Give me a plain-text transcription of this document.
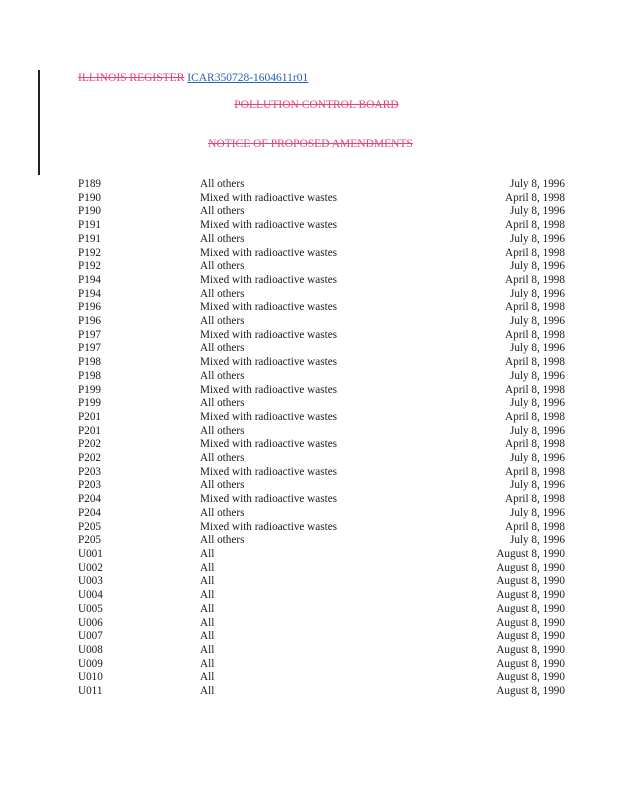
ILLINOIS REGISTER ICAR350728-1604611r01
POLLUTION CONTROL BOARD
NOTICE OF PROPOSED AMENDMENTS
P189	All others	July 8, 1996
P190	Mixed with radioactive wastes	April 8, 1998
P190	All others	July 8, 1996
P191	Mixed with radioactive wastes	April 8, 1998
P191	All others	July 8, 1996
P192	Mixed with radioactive wastes	April 8, 1998
P192	All others	July 8, 1996
P194	Mixed with radioactive wastes	April 8, 1998
P194	All others	July 8, 1996
P196	Mixed with radioactive wastes	April 8, 1998
P196	All others	July 8, 1996
P197	Mixed with radioactive wastes	April 8, 1998
P197	All others	July 8, 1996
P198	Mixed with radioactive wastes	April 8, 1998
P198	All others	July 8, 1996
P199	Mixed with radioactive wastes	April 8, 1998
P199	All others	July 8, 1996
P201	Mixed with radioactive wastes	April 8, 1998
P201	All others	July 8, 1996
P202	Mixed with radioactive wastes	April 8, 1998
P202	All others	July 8, 1996
P203	Mixed with radioactive wastes	April 8, 1998
P203	All others	July 8, 1996
P204	Mixed with radioactive wastes	April 8, 1998
P204	All others	July 8, 1996
P205	Mixed with radioactive wastes	April 8, 1998
P205	All others	July 8, 1996
U001	All	August 8, 1990
U002	All	August 8, 1990
U003	All	August 8, 1990
U004	All	August 8, 1990
U005	All	August 8, 1990
U006	All	August 8, 1990
U007	All	August 8, 1990
U008	All	August 8, 1990
U009	All	August 8, 1990
U010	All	August 8, 1990
U011	All	August 8, 1990
